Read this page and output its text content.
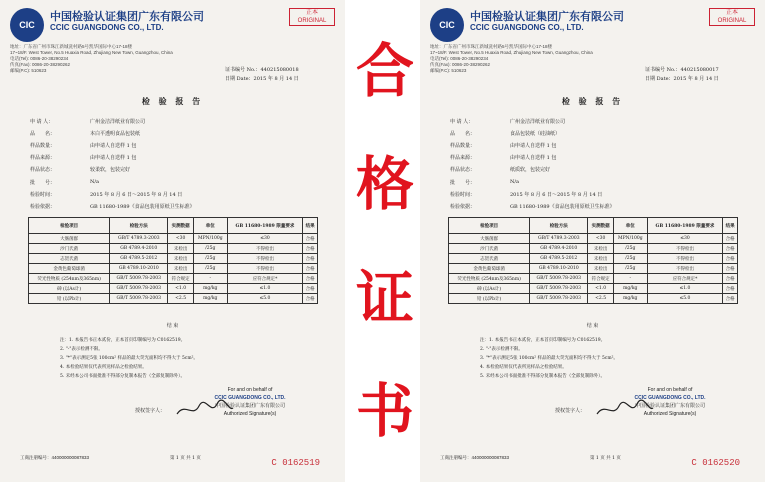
CIC
中国检验认证集团广东有限公司
CCIC GUANGDONG CO., LTD.
正本
ORIGINAL
地址：广东省广州市珠江新城冼村路5号凯华国际中心17-18楼
17~18/F. West Tower, No.5 Huaxia Road, Zhujiang New Town, Guangzhou, China
电话(Tel): 0086-20-38290234
传真(Fax): 0086-20-38290262
邮编(P.C): 510623	证书编号 No.：440215080018
日期 Date：2015 年 8 月 14 日
检 验 报 告
申 请 人：	广州金洁洋纸业有限公司
品　　名：	本白平透明食品包装纸
样品数量：	由申请人自送样 1 包
样品来源：	由申请人自送样 1 包
样品状态：	较柔软，包装完好
批　　号：	N/a
检验时间：	2015 年 8 月 6 日～2015 年 8 月 14 日
检验依据：	GB 11680-1989《食品包装用原纸卫生标准》
检验项目	检验方法	实测数据	单位	GB 11680-1989 限量要求	结果
大肠菌群	GB/T 4789.3-2003	<30	MPN/100g	≤30	合格
沙门氏菌	GB 4789.4-2010	未检出	/25g	不得检出	合格
志贺氏菌	GB 4789.5-2012	未检出	/25g	不得检出	合格
金黄色葡萄球菌	GB 4789.10-2010	未检出	/25g	不得检出	合格
荧光性物质 (254nm及365nm)	GB/T 5009.78-2003	符合规定	-	应符合规定*	合格
砷 (以As计)	GB/T 5009.78-2003	<1.0	mg/kg	≤1.0	合格
铅 (以Pb计)	GB/T 5009.78-2003	<2.5	mg/kg	≤5.0	合格
结 束
注：1. 本报告书正本贰份，正本首页印制编号为 C0162519。
2. "-"表示检测不限。
3. "*"表示测定5张 100cm² 样品的最大荧光面积均不得大于 5cm²。
4. 本检验结果仅代表所送样品之检验结果。
5. 未经本公司书面批准不得部分复制本报告（全部复制除外）。
For and on behalf of
CCIC GUANGDONG CO., LTD.
中国检验认证集团广东有限公司
Authorized Signature(s)
授权签字人：
工商注册编号：440000000087833	第 1 页 共 1 页	C 0162519
合
格
证
书
CIC
中国检验认证集团广东有限公司
CCIC GUANGDONG CO., LTD.
正本
ORIGINAL
地址：广东省广州市珠江新城冼村路5号凯华国际中心17-18楼
17~18/F. West Tower, No.5 Huaxia Road, Zhujiang New Town, Guangzhou, China
电话(Tel): 0086-20-38290234
传真(Fax): 0086-20-38290262
邮编(P.C): 510623	证书编号 No.：440215080017
日期 Date：2015 年 8 月 14 日
检 验 报 告
申 请 人：	广州金洁洋纸业有限公司
品　　名：	食品包装纸（硅油纸）
样品数量：	由申请人自送样 1 包
样品来源：	由申请人自送样 1 包
样品状态：	纸质软，包装完好
批　　号：	N/a
检验时间：	2015 年 8 月 6 日～2015 年 8 月 14 日
检验依据：	GB 11680-1989《食品包装用原纸卫生标准》
检验项目	检验方法	实测数据	单位	GB 11680-1989 限量要求	结果
大肠菌群	GB/T 4789.3-2003	<30	MPN/100g	≤30	合格
沙门氏菌	GB 4789.4-2010	未检出	/25g	不得检出	合格
志贺氏菌	GB 4789.5-2012	未检出	/25g	不得检出	合格
金黄色葡萄球菌	GB 4789.10-2010	未检出	/25g	不得检出	合格
荧光性物质 (254nm及365nm)	GB/T 5009.78-2003	符合规定	-	应符合规定*	合格
砷 (以As计)	GB/T 5009.78-2003	<1.0	mg/kg	≤1.0	合格
铅 (以Pb计)	GB/T 5009.78-2003	<2.5	mg/kg	≤5.0	合格
结 束
注：1. 本报告书正本贰份，正本首页印制编号为 C0162519。
2. "-"表示检测不限。
3. "*"表示测定5张 100cm² 样品的最大荧光面积均不得大于 5cm²。
4. 本检验结果仅代表所送样品之检验结果。
5. 未经本公司书面批准不得部分复制本报告（全部复制除外）。
For and on behalf of
CCIC GUANGDONG CO., LTD.
中国检验认证集团广东有限公司
Authorized Signature(s)
授权签字人：
工商注册编号：440000000087833	第 1 页 共 1 页	C 0162520
